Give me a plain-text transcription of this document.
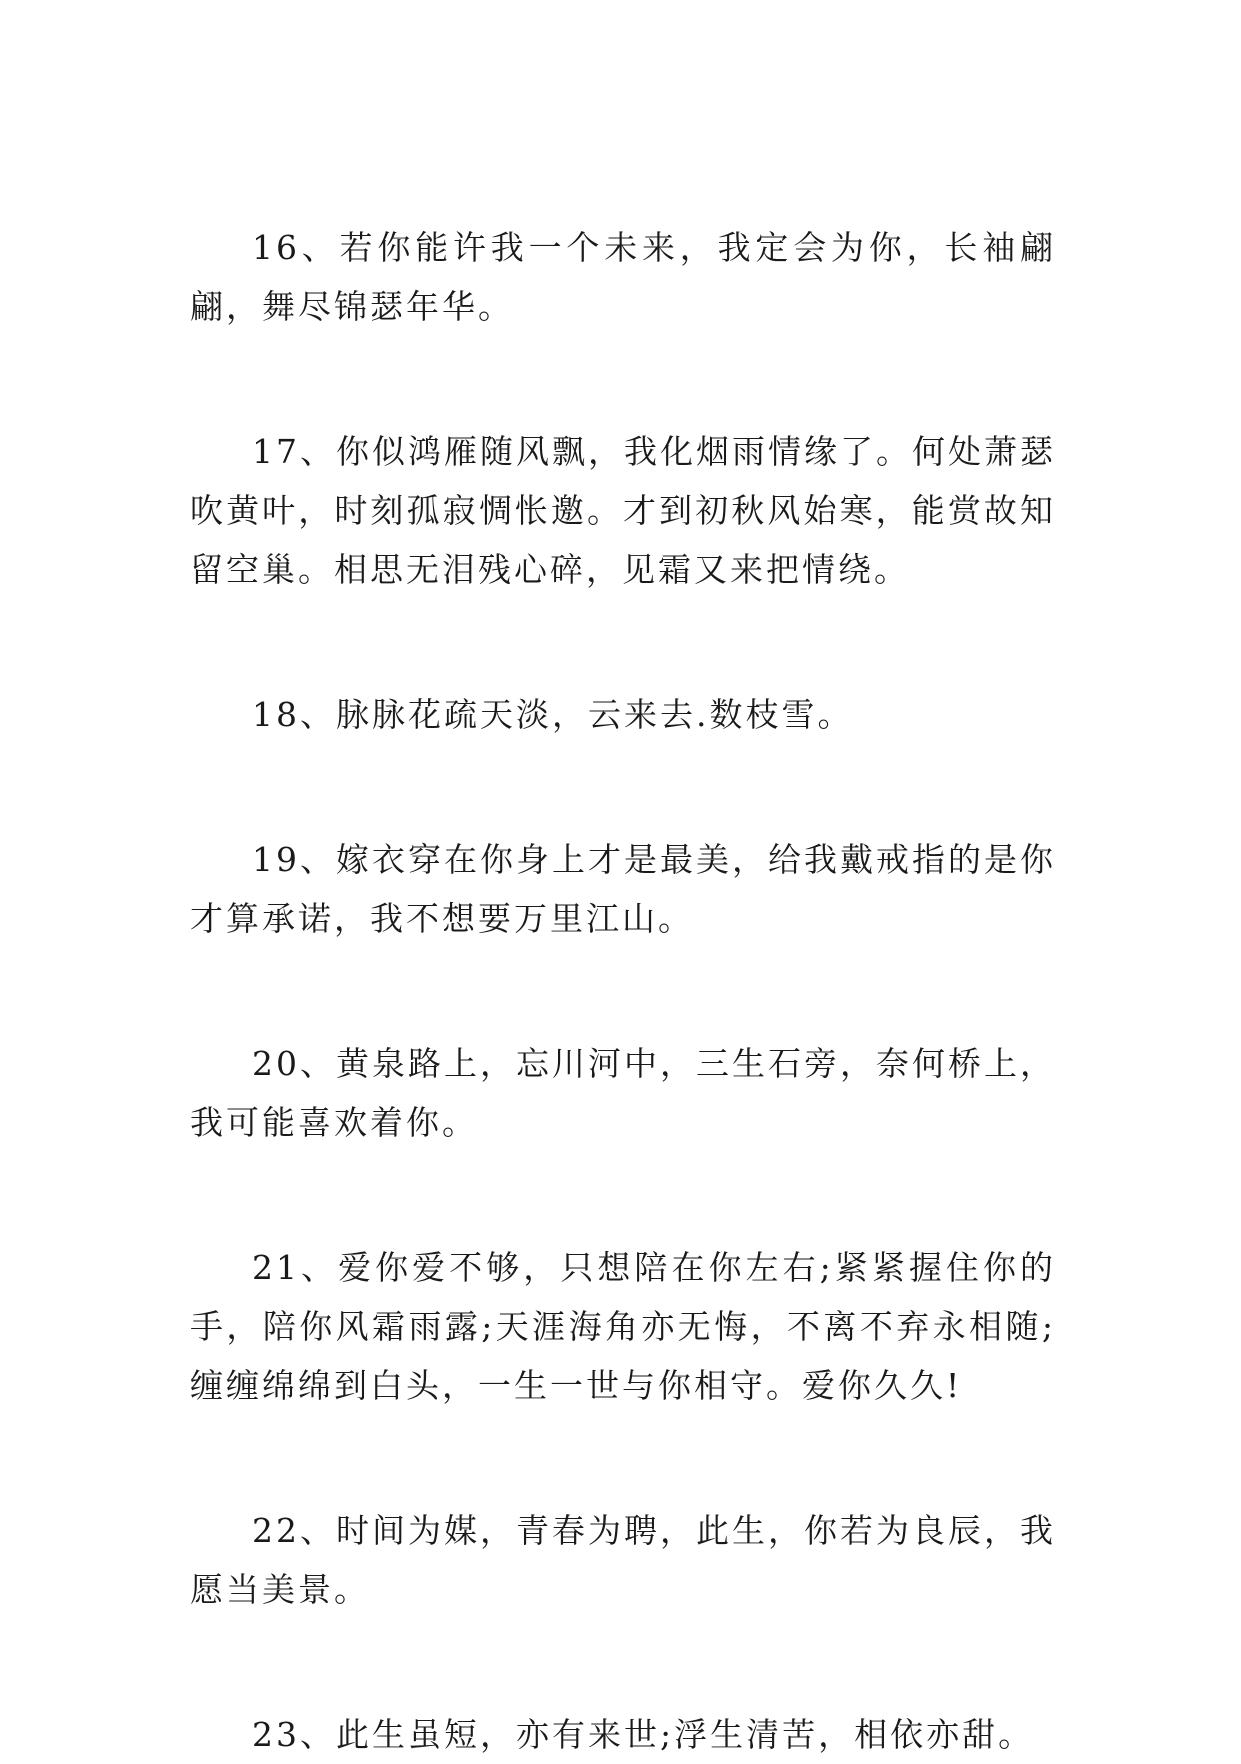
16、若你能许我一个未来，我定会为你，长袖翩翩，舞尽锦瑟年华。

17、你似鸿雁随风飘，我化烟雨情缘了。何处萧瑟吹黄叶，时刻孤寂惆怅邀。才到初秋风始寒，能赏故知留空巢。相思无泪残心碎，见霜又来把情绕。

18、脉脉花疏天淡，云来去.数枝雪。

19、嫁衣穿在你身上才是最美，给我戴戒指的是你才算承诺，我不想要万里江山。

20、黄泉路上，忘川河中，三生石旁，奈何桥上，我可能喜欢着你。

21、爱你爱不够，只想陪在你左右;紧紧握住你的手，陪你风霜雨露;天涯海角亦无悔，不离不弃永相随;缠缠绵绵到白头，一生一世与你相守。爱你久久!

22、时间为媒，青春为聘，此生，你若为良辰，我愿当美景。

23、此生虽短，亦有来世;浮生清苦，相依亦甜。
